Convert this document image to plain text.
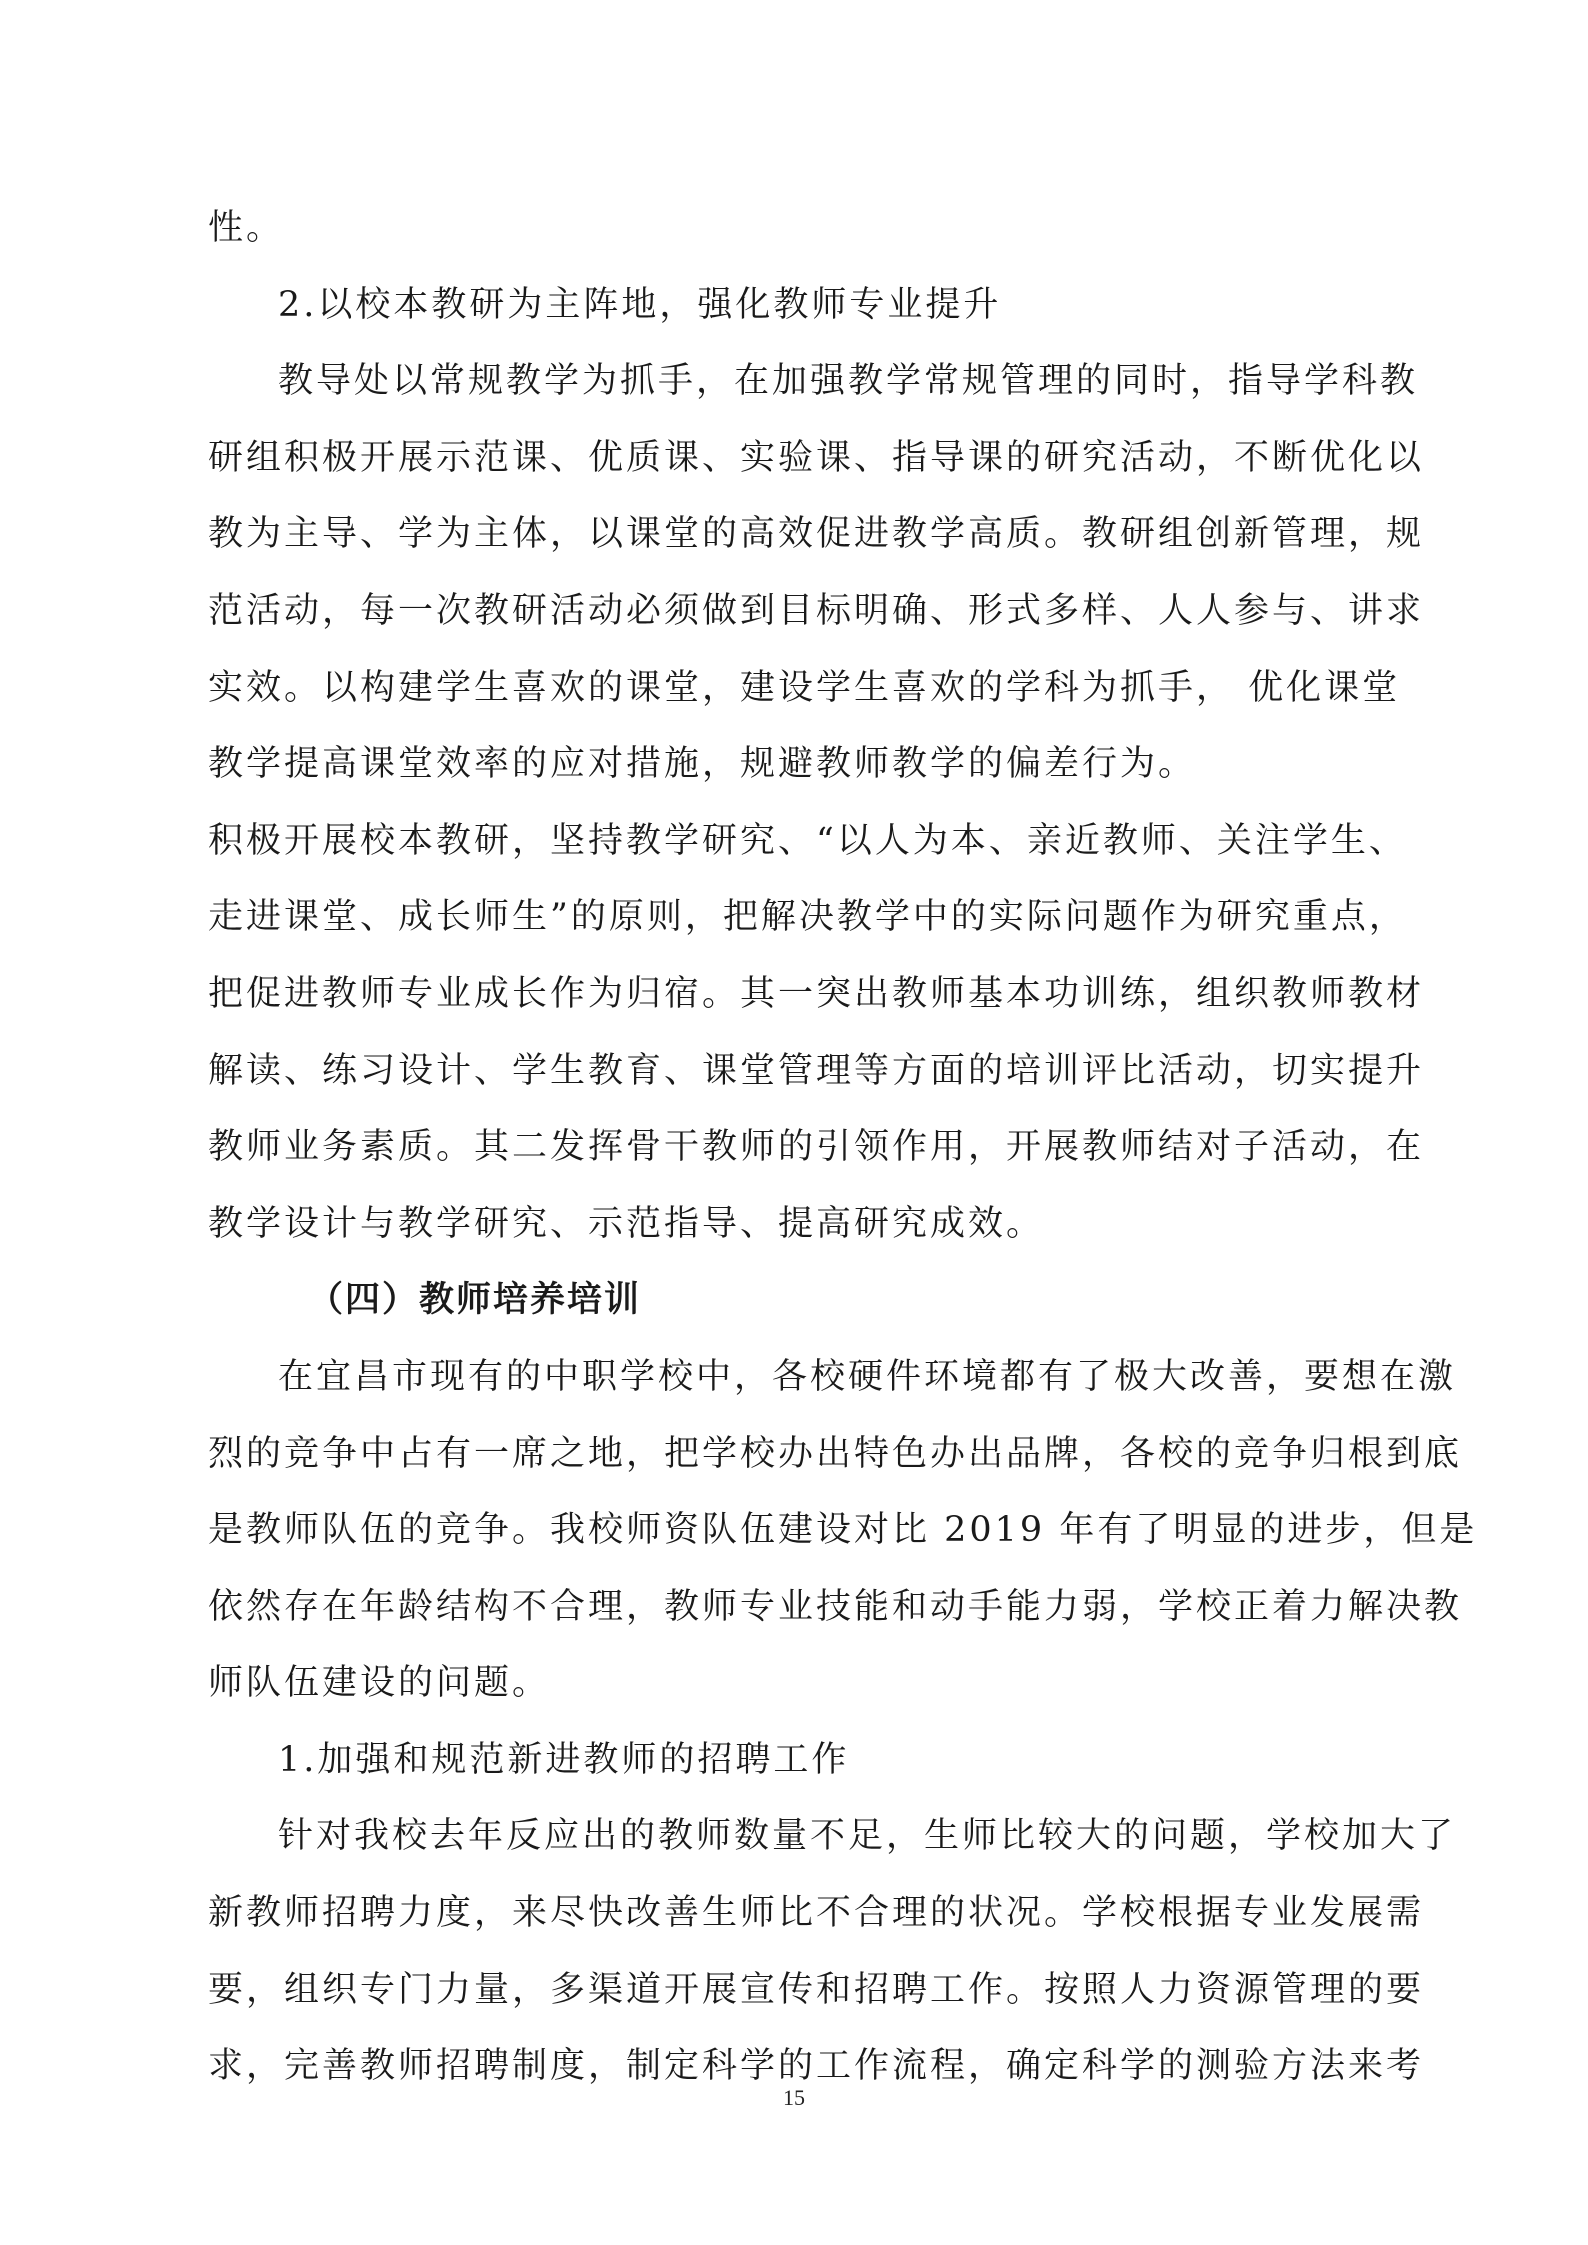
性。
2.以校本教研为主阵地，强化教师专业提升
教导处以常规教学为抓手，在加强教学常规管理的同时，指导学科教
研组积极开展示范课、优质课、实验课、指导课的研究活动，不断优化以
教为主导、学为主体，以课堂的高效促进教学高质。教研组创新管理，规
范活动，每一次教研活动必须做到目标明确、形式多样、人人参与、讲求
实效。以构建学生喜欢的课堂，建设学生喜欢的学科为抓手， 优化课堂
教学提高课堂效率的应对措施，规避教师教学的偏差行为。
积极开展校本教研，坚持教学研究、“以人为本、亲近教师、关注学生、
走进课堂、成长师生”的原则，把解决教学中的实际问题作为研究重点，
把促进教师专业成长作为归宿。其一突出教师基本功训练，组织教师教材
解读、练习设计、学生教育、课堂管理等方面的培训评比活动，切实提升
教师业务素质。其二发挥骨干教师的引领作用，开展教师结对子活动，在
教学设计与教学研究、示范指导、提高研究成效。
（四）教师培养培训
在宜昌市现有的中职学校中，各校硬件环境都有了极大改善，要想在激
烈的竞争中占有一席之地，把学校办出特色办出品牌，各校的竞争归根到底
是教师队伍的竞争。我校师资队伍建设对比 2019 年有了明显的进步，但是
依然存在年龄结构不合理，教师专业技能和动手能力弱，学校正着力解决教
师队伍建设的问题。
1.加强和规范新进教师的招聘工作
针对我校去年反应出的教师数量不足，生师比较大的问题，学校加大了
新教师招聘力度，来尽快改善生师比不合理的状况。学校根据专业发展需
要，组织专门力量，多渠道开展宣传和招聘工作。按照人力资源管理的要
求，完善教师招聘制度，制定科学的工作流程，确定科学的测验方法来考
15
